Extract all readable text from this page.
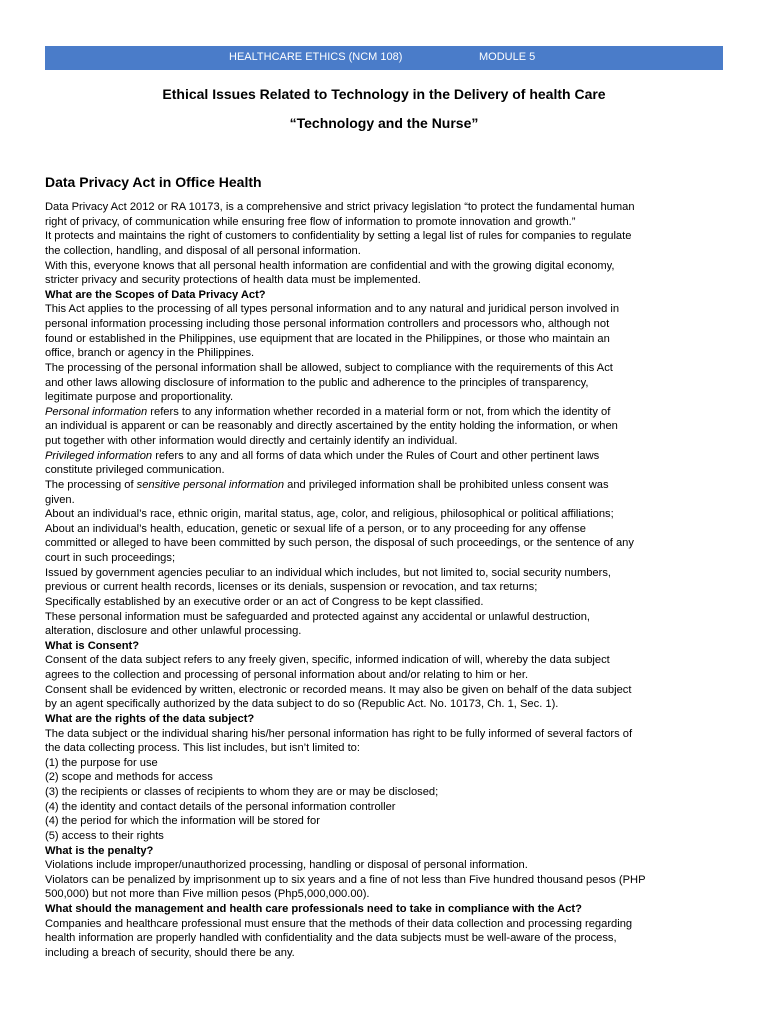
HEALTHCARE ETHICS (NCM 108)	MODULE 5
Ethical Issues Related to Technology in the Delivery of health Care
“Technology and the Nurse”
Data Privacy Act in Office Health
Data Privacy Act 2012 or RA 10173, is a comprehensive and strict privacy legislation “to protect the fundamental human
right of privacy, of communication while ensuring free flow of information to promote innovation and growth.”
It protects and maintains the right of customers to confidentiality by setting a legal list of rules for companies to regulate
the collection, handling, and disposal of all personal information.
With this, everyone knows that all personal health information are confidential and with the growing digital economy,
stricter privacy and security protections of health data must be implemented.
What are the Scopes of Data Privacy Act?
This Act applies to the processing of all types personal information and to any natural and juridical person involved in
personal information processing including those personal information controllers and processors who, although not
found or established in the Philippines, use equipment that are located in the Philippines, or those who maintain an
office, branch or agency in the Philippines.
The processing of the personal information shall be allowed, subject to compliance with the requirements of this Act
and other laws allowing disclosure of information to the public and adherence to the principles of transparency,
legitimate purpose and proportionality.
Personal information refers to any information whether recorded in a material form or not, from which the identity of
an individual is apparent or can be reasonably and directly ascertained by the entity holding the information, or when
put together with other information would directly and certainly identify an individual.
Privileged information refers to any and all forms of data which under the Rules of Court and other pertinent laws
constitute privileged communication.
The processing of sensitive personal information and privileged information shall be prohibited unless consent was
given.
About an individual’s race, ethnic origin, marital status, age, color, and religious, philosophical or political affiliations;
About an individual’s health, education, genetic or sexual life of a person, or to any proceeding for any offense
committed or alleged to have been committed by such person, the disposal of such proceedings, or the sentence of any
court in such proceedings;
Issued by government agencies peculiar to an individual which includes, but not limited to, social security numbers,
previous or current health records, licenses or its denials, suspension or revocation, and tax returns;
Specifically established by an executive order or an act of Congress to be kept classified.
These personal information must be safeguarded and protected against any accidental or unlawful destruction,
alteration, disclosure and other unlawful processing.
What is Consent?
Consent of the data subject refers to any freely given, specific, informed indication of will, whereby the data subject
agrees to the collection and processing of personal information about and/or relating to him or her.
Consent shall be evidenced by written, electronic or recorded means. It may also be given on behalf of the data subject
by an agent specifically authorized by the data subject to do so (Republic Act. No. 10173, Ch. 1, Sec. 1).
What are the rights of the data subject?
The data subject or the individual sharing his/her personal information has right to be fully informed of several factors of
the data collecting process. This list includes, but isn’t limited to:
(1) the purpose for use
(2) scope and methods for access
(3) the recipients or classes of recipients to whom they are or may be disclosed;
(4) the identity and contact details of the personal information controller
(4) the period for which the information will be stored for
(5) access to their rights
What is the penalty?
Violations include improper/unauthorized processing, handling or disposal of personal information.
Violators can be penalized by imprisonment up to six years and a fine of not less than Five hundred thousand pesos (PHP
500,000) but not more than Five million pesos (Php5,000,000.00).
What should the management and health care professionals need to take in compliance with the Act?
Companies and healthcare professional must ensure that the methods of their data collection and processing regarding
health information are properly handled with confidentiality and the data subjects must be well-aware of the process,
including a breach of security, should there be any.
